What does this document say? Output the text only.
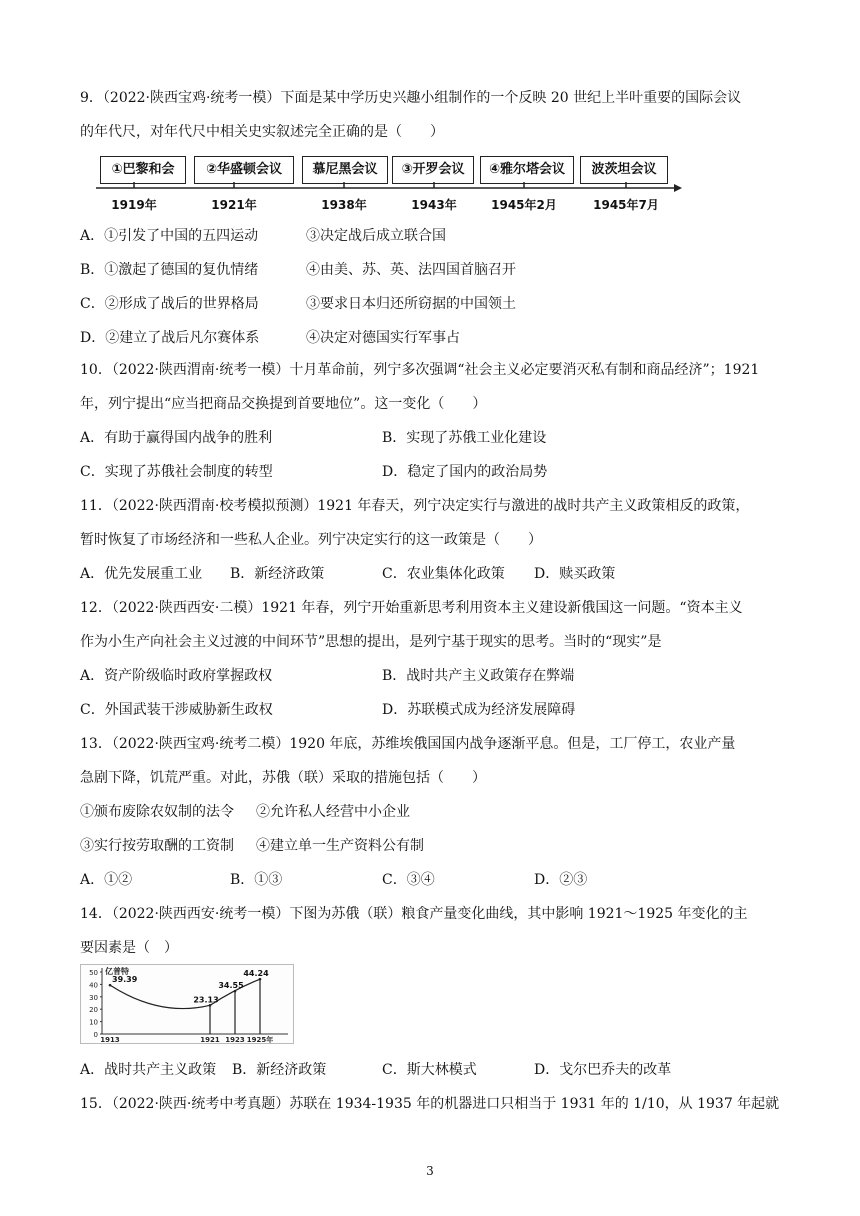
9．（2022·陕西宝鸡·统考一模）下面是某中学历史兴趣小组制作的一个反映 20 世纪上半叶重要的国际会议
的年代尺，对年代尺中相关史实叙述完全正确的是（　　）
①巴黎和会	②华盛顿会议	慕尼黑会议	③开罗会议	④雅尔塔会议	波茨坦会议
1919年	1921年	1938年	1943年	1945年2月	1945年7月
A．①引发了中国的五四运动	③决定战后成立联合国
B．①激起了德国的复仇情绪	④由美、苏、英、法四国首脑召开
C．②形成了战后的世界格局	③要求日本归还所窃据的中国领土
D．②建立了战后凡尔赛体系	④决定对德国实行军事占
10．（2022·陕西渭南·统考一模）十月革命前，列宁多次强调“社会主义必定要消灭私有制和商品经济”；1921
年，列宁提出“应当把商品交换提到首要地位”。这一变化（　　）
A．有助于赢得国内战争的胜利	B．实现了苏俄工业化建设
C．实现了苏俄社会制度的转型	D．稳定了国内的政治局势
11．（2022·陕西渭南·校考模拟预测）1921 年春天，列宁决定实行与激进的战时共产主义政策相反的政策，
暂时恢复了市场经济和一些私人企业。列宁决定实行的这一政策是（　　）
A．优先发展重工业 B．新经济政策	C．农业集体化政策 D．赎买政策
12．（2022·陕西西安·二模）1921 年春，列宁开始重新思考利用资本主义建设新俄国这一问题。“资本主义
作为小生产向社会主义过渡的中间环节”思想的提出，是列宁基于现实的思考。当时的“现实”是
A．资产阶级临时政府掌握政权	B．战时共产主义政策存在弊端
C．外国武装干涉威胁新生政权	D．苏联模式成为经济发展障碍
13．（2022·陕西宝鸡·统考二模）1920 年底，苏维埃俄国国内战争逐渐平息。但是，工厂停工，农业产量
急剧下降，饥荒严重。对此，苏俄（联）采取的措施包括（　　）
①颁布废除农奴制的法令 ②允许私人经营中小企业
③实行按劳取酬的工资制 ④建立单一生产资料公有制
A．①②	B．①③	C．③④	D．②③
14．（2022·陕西西安·统考一模）下图为苏俄（联）粮食产量变化曲线，其中影响 1921～1925 年变化的主
要因素是（　）
亿普特
50
40
30
20
10
0
39.39
23.13
34.55
44.24
1913	1921 1923 1925年
A．战时共产主义政策 B．新经济政策	C．斯大林模式	D．戈尔巴乔夫的改革
15．（2022·陕西·统考中考真题）苏联在 1934-1935 年的机器进口只相当于 1931 年的 1/10，从 1937 年起就
3
